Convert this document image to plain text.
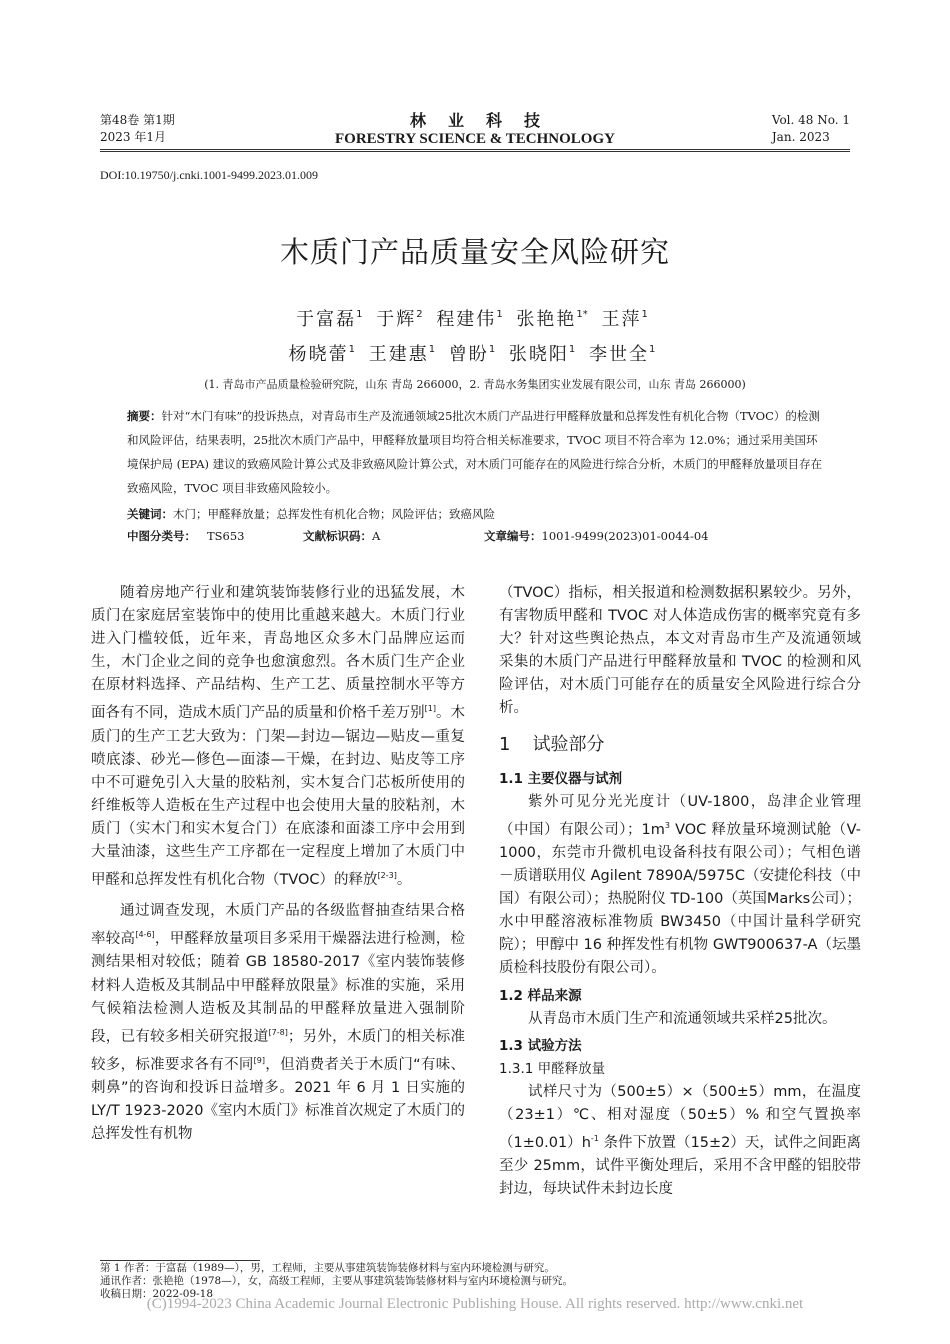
第48卷 第1期
2023 年1月
林业科技
FORESTRY SCIENCE & TECHNOLOGY
Vol. 48 No. 1
Jan. 2023
DOI:10.19750/j.cnki.1001-9499.2023.01.009
木质门产品质量安全风险研究
于富磊$^1$ 于辉$^2$ 程建伟$^1$ 张艳艳$^{1*}$ 王萍$^1$
杨晓蕾$^1$ 王建惠$^1$ 曾盼$^1$ 张晓阳$^1$ 李世全$^1$
(1. 青岛市产品质量检验研究院，山东 青岛 266000，2. 青岛水务集团实业发展有限公司，山东 青岛 266000)
摘要：针对“木门有味”的投诉热点，对青岛市生产及流通领域25批次木质门产品进行甲醛释放量和总挥发性有机化合物（TVOC）的检测和风险评估，结果表明，25批次木质门产品中，甲醛释放量项目均符合相关标准要求，TVOC 项目不符合率为 12.0%；通过采用美国环境保护局 (EPA) 建议的致癌风险计算公式及非致癌风险计算公式，对木质门可能存在的风险进行综合分析，木质门的甲醛释放量项目存在致癌风险，TVOC 项目非致癌风险较小。
关键词：木门；甲醛释放量；总挥发性有机化合物；风险评估；致癌风险
中图分类号： TS653	文献标识码：A	文章编号：1001-9499(2023)01-0044-04

随着房地产行业和建筑装饰装修行业的迅猛发展，木质门在家庭居室装饰中的使用比重越来越大。木质门行业进入门槛较低，近年来，青岛地区众多木门品牌应运而生，木门企业之间的竞争也愈演愈烈。各木质门生产企业在原材料选择、产品结构、生产工艺、质量控制水平等方面各有不同，造成木质门产品的质量和价格千差万别[1]。木质门的生产工艺大致为：门架—封边—锯边—贴皮—重复喷底漆、砂光—修色—面漆—干燥，在封边、贴皮等工序中不可避免引入大量的胶粘剂，实木复合门芯板所使用的纤维板等人造板在生产过程中也会使用大量的胶粘剂，木质门（实木门和实木复合门）在底漆和面漆工序中会用到大量油漆，这些生产工序都在一定程度上增加了木质门中甲醛和总挥发性有机化合物（TVOC）的释放[2-3]。

通过调查发现，木质门产品的各级监督抽查结果合格率较高[4-6]，甲醛释放量项目多采用干燥器法进行检测，检测结果相对较低；随着 GB 18580-2017《室内装饰装修材料人造板及其制品中甲醛释放限量》标准的实施，采用气候箱法检测人造板及其制品的甲醛释放量进入强制阶段，已有较多相关研究报道[7-8]；另外，木质门的相关标准较多，标准要求各有不同[9]，但消费者关于木质门“有味、刺鼻”的咨询和投诉日益增多。2021 年 6 月 1 日实施的 LY/T 1923-2020《室内木质门》标准首次规定了木质门的总挥发性有机物

（TVOC）指标，相关报道和检测数据积累较少。另外，有害物质甲醛和 TVOC 对人体造成伤害的概率究竟有多大？针对这些舆论热点，本文对青岛市生产及流通领域采集的木质门产品进行甲醛释放量和 TVOC 的检测和风险评估，对木质门可能存在的质量安全风险进行综合分析。

1 试验部分
1.1 主要仪器与试剂

紫外可见分光光度计（UV-1800，岛津企业管理（中国）有限公司）；$1m^3$ VOC 释放量环境测试舱（V-1000，东莞市升微机电设备科技有限公司）；气相色谱－质谱联用仪 Agilent 7890A/5975C（安捷伦科技（中国）有限公司）；热脱附仪 TD-100（英国Marks公司）；水中甲醛溶液标准物质 BW3450（中国计量科学研究院）；甲醇中 16 种挥发性有机物 GWT900637-A（坛墨质检科技股份有限公司）。

1.2 样品来源

从青岛市木质门生产和流通领域共采样25批次。

1.3 试验方法
1.3.1 甲醛释放量

试样尺寸为（500±5）×（500±5）mm，在温度（23±1）℃、相对湿度（50±5）% 和空气置换率$(1\pm 0.01)h^{-1}$ 条件下放置（15±2）天，试件之间距离至少 25mm，试件平衡处理后，采用不含甲醛的铝胶带封边，每块试件未封边长度

第 1 作者：于富磊（1989—），男，工程师，主要从事建筑装饰装修材料与室内环境检测与研究。
通讯作者：张艳艳（1978—），女，高级工程师，主要从事建筑装饰装修材料与室内环境检测与研究。
收稿日期：2022-09-18
(C)1994-2023 China Academic Journal Electronic Publishing House. All rights reserved. http://www.cnki.net
